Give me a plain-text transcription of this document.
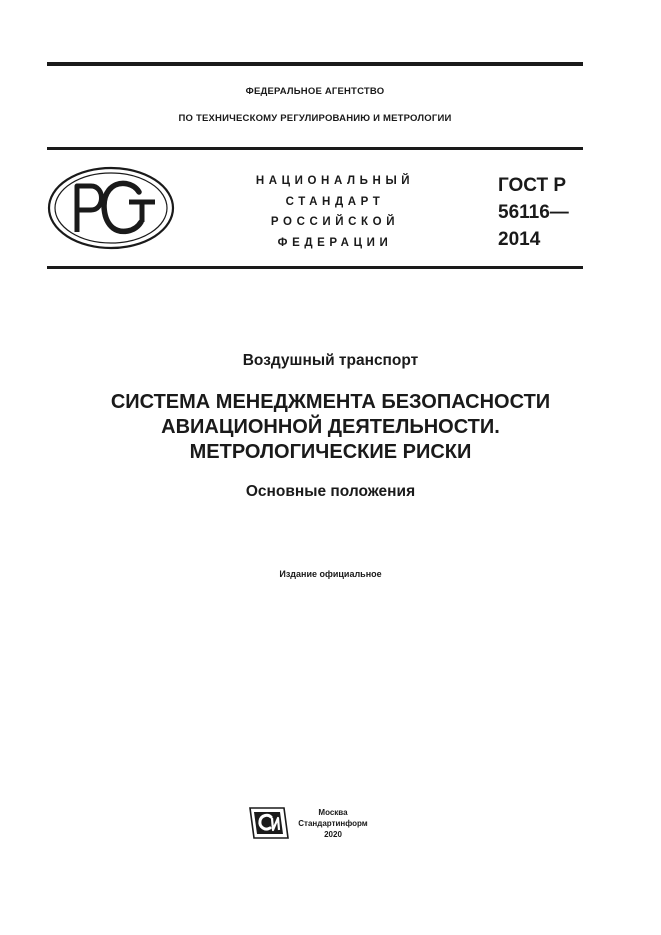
ФЕДЕРАЛЬНОЕ АГЕНТСТВО
ПО ТЕХНИЧЕСКОМУ РЕГУЛИРОВАНИЮ И МЕТРОЛОГИИ
НАЦИОНАЛЬНЫЙ
СТАНДАРТ
РОССИЙСКОЙ
ФЕДЕРАЦИИ
ГОСТ Р
56116—
2014
Воздушный транспорт
СИСТЕМА МЕНЕДЖМЕНТА БЕЗОПАСНОСТИ
АВИАЦИОННОЙ ДЕЯТЕЛЬНОСТИ.
МЕТРОЛОГИЧЕСКИЕ РИСКИ
Основные положения
Издание официальное
Москва
Стандартинформ
2020
